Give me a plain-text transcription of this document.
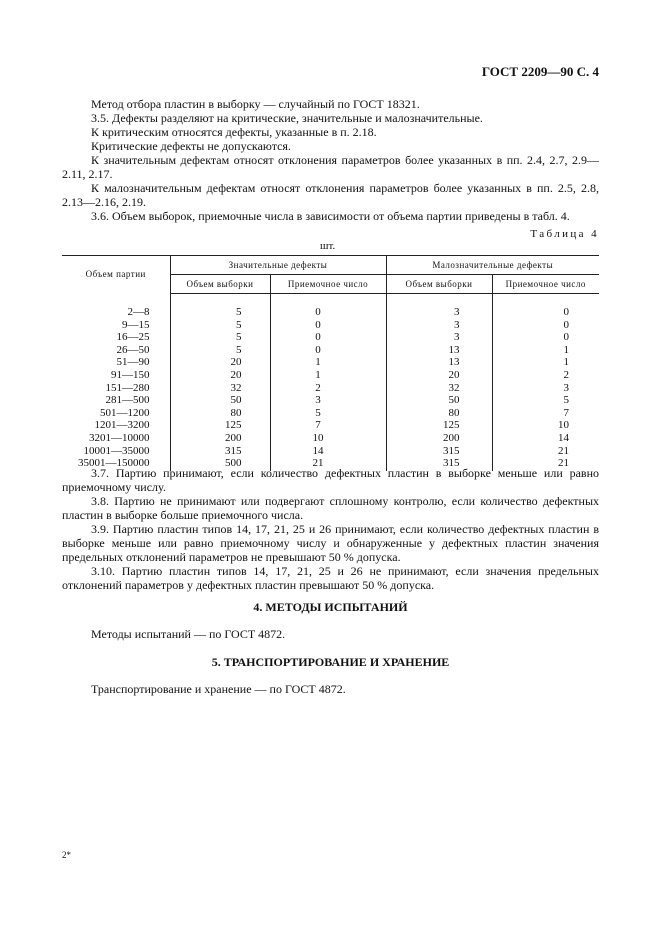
ГОСТ 2209—90 С. 4

Метод отбора пластин в выборку — случайный по ГОСТ 18321.

3.5. Дефекты разделяют на критические, значительные и малозначительные.

К критическим относятся дефекты, указанные в п. 2.18.

Критические дефекты не допускаются.

К значительным дефектам относят отклонения параметров более указанных в пп. 2.4, 2.7, 2.9—2.11, 2.17.

К малозначительным дефектам относят отклонения параметров более указанных в пп. 2.5, 2.8, 2.13—2.16, 2.19.

3.6. Объем выборок, приемочные числа в зависимости от объема партии приведены в табл. 4.

Таблица 4
шт.
Объем партии	Значительные дефекты		Малозначительные дефекты	
	Объем выборки	Приемочное число	Объем выборки	Приемочное число
2—8	5	0	3	0
9—15	5	0	3	0
16—25	5	0	3	0
26—50	5	0	13	1
51—90	20	1	13	1
91—150	20	1	20	2
151—280	32	2	32	3
281—500	50	3	50	5
501—1200	80	5	80	7
1201—3200	125	7	125	10
3201—10000	200	10	200	14
10001—35000	315	14	315	21
35001—150000	500	21	315	21

3.7. Партию принимают, если количество дефектных пластин в выборке меньше или равно приемочному числу.

3.8. Партию не принимают или подвергают сплошному контролю, если количество дефектных пластин в выборке больше приемочного числа.

3.9. Партию пластин типов 14, 17, 21, 25 и 26 принимают, если количество дефектных пластин в выборке меньше или равно приемочному числу и обнаруженные у дефектных пластин значения предельных отклонений параметров не превышают 50 % допуска.

3.10. Партию пластин типов 14, 17, 21, 25 и 26 не принимают, если значения предельных отклонений параметров у дефектных пластин превышают 50 % допуска.

4. МЕТОДЫ ИСПЫТАНИЙ

Методы испытаний — по ГОСТ 4872.

5. ТРАНСПОРТИРОВАНИЕ И ХРАНЕНИЕ

Транспортирование и хранение — по ГОСТ 4872.

2*
